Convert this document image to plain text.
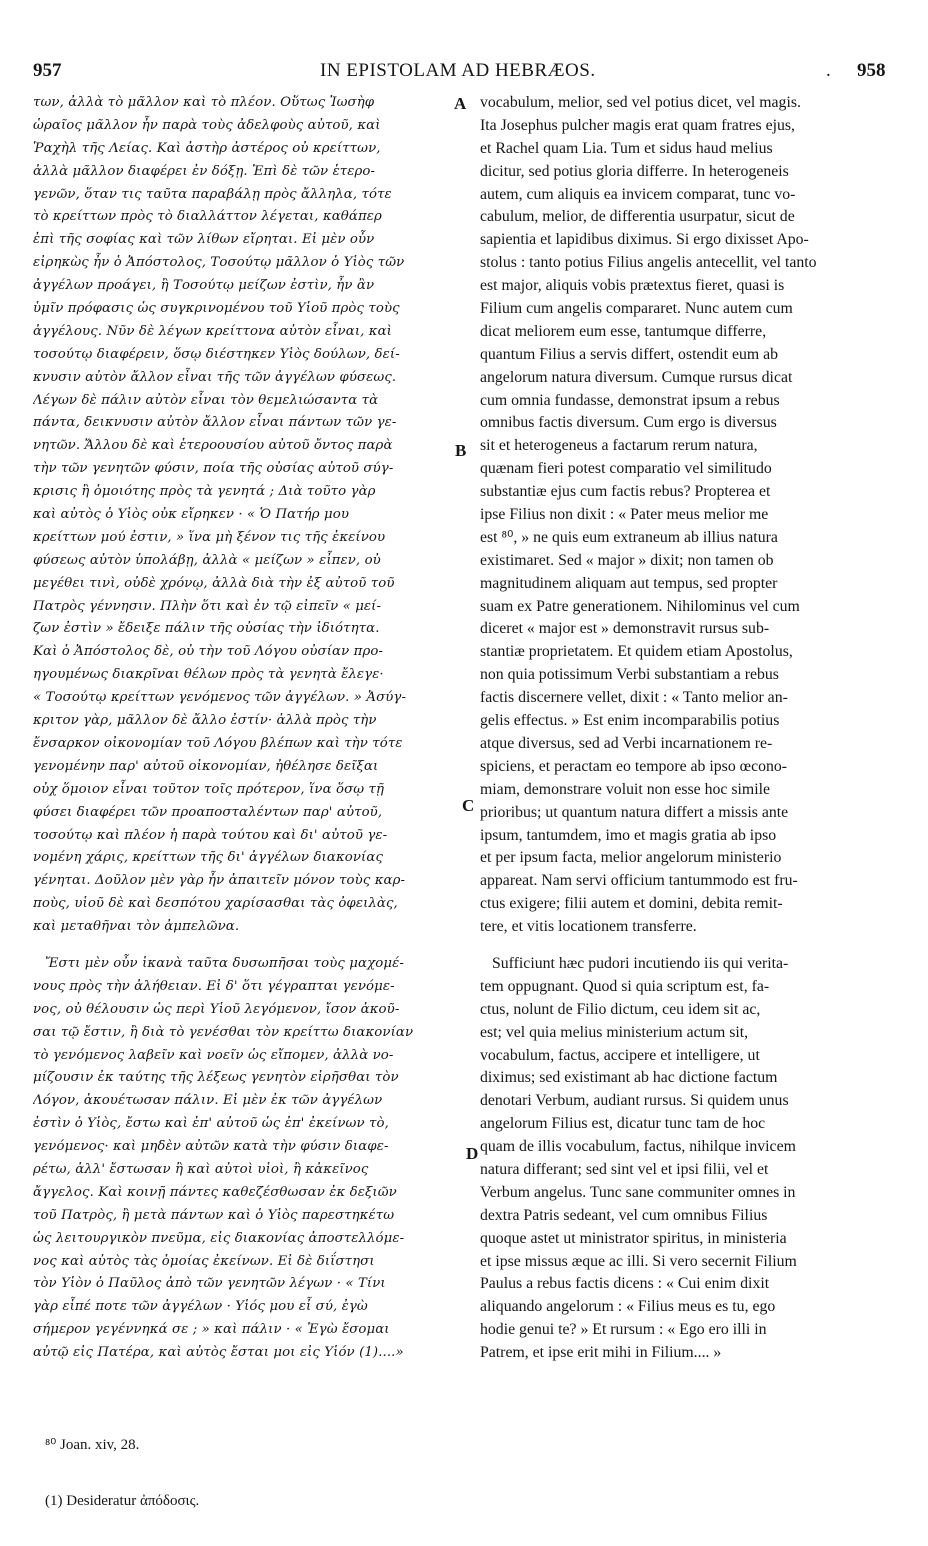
957	IN EPISTOLAM AD HEBRÆOS.	. 958
των, ἀλλὰ τὸ μᾶλλον καὶ τὸ πλέον. Οὕτως Ἰωσὴφ
ὡραῖος μᾶλλον ἦν παρὰ τοὺς ἀδελφοὺς αὐτοῦ, καὶ
Ῥαχὴλ τῆς Λείας. Καὶ ἀστὴρ ἀστέρος οὐ κρείττων,
ἀλλὰ μᾶλλον διαφέρει ἐν δόξῃ. Ἐπὶ δὲ τῶν ἑτερο-
γενῶν, ὅταν τις ταῦτα παραβάλῃ πρὸς ἄλληλα, τότε
τὸ κρείττων πρὸς τὸ διαλλάττον λέγεται, καθάπερ
ἐπὶ τῆς σοφίας καὶ τῶν λίθων εἴρηται. Εἰ μὲν οὖν
εἰρηκὼς ἦν ὁ Ἀπόστολος, Τοσούτῳ μᾶλλον ὁ Υἱὸς τῶν
ἀγγέλων προάγει, ἢ Τοσούτῳ μείζων ἐστὶν, ἦν ἂν
ὑμῖν πρόφασις ὡς συγκρινομένου τοῦ Υἱοῦ πρὸς τοὺς
ἀγγέλους. Νῦν δὲ λέγων κρείττονα αὐτὸν εἶναι, καὶ
τοσούτῳ διαφέρειν, ὅσῳ διέστηκεν Υἱὸς δούλων, δεί-
κνυσιν αὐτὸν ἄλλον εἶναι τῆς τῶν ἀγγέλων φύσεως.
Λέγων δὲ πάλιν αὐτὸν εἶναι τὸν θεμελιώσαντα τὰ
πάντα, δεικνυσιν αὐτὸν ἄλλον εἶναι πάντων τῶν γε-
νητῶν. Ἄλλου δὲ καὶ ἑτεροουσίου αὐτοῦ ὄντος παρὰ
τὴν τῶν γενητῶν φύσιν, ποία τῆς οὐσίας αὐτοῦ σύγ-
κρισις ἢ ὁμοιότης πρὸς τὰ γενητά ; Διὰ τοῦτο γὰρ
καὶ αὐτὸς ὁ Υἱὸς οὐκ εἴρηκεν · « Ὁ Πατήρ μου
κρείττων μού ἐστιν, » ἵνα μὴ ξένον τις τῆς ἐκείνου
φύσεως αὐτὸν ὑπολάβῃ, ἀλλὰ « μείζων » εἶπεν, οὐ
μεγέθει τινὶ, οὐδὲ χρόνῳ, ἀλλὰ διὰ τὴν ἐξ αὐτοῦ τοῦ
Πατρὸς γέννησιν. Πλὴν ὅτι καὶ ἐν τῷ εἰπεῖν « μεί-
ζων ἐστὶν » ἔδειξε πάλιν τῆς οὐσίας τὴν ἰδιότητα.
Καὶ ὁ Ἀπόστολος δὲ, οὐ τὴν τοῦ Λόγου οὐσίαν προ-
ηγουμένως διακρῖναι θέλων πρὸς τὰ γενητὰ ἔλεγε·
« Τοσούτῳ κρείττων γενόμενος τῶν ἀγγέλων. » Ἀσύγ-
κριτον γὰρ, μᾶλλον δὲ ἄλλο ἐστίν· ἀλλὰ πρὸς τὴν
ἔνσαρκον οἰκονομίαν τοῦ Λόγου βλέπων καὶ τὴν τότε
γενομένην παρ' αὐτοῦ οἰκονομίαν, ἠθέλησε δεῖξαι
οὐχ ὅμοιον εἶναι τοῦτον τοῖς πρότερον, ἵνα ὅσῳ τῇ
φύσει διαφέρει τῶν προαποσταλέντων παρ' αὐτοῦ,
τοσούτῳ καὶ πλέον ἡ παρὰ τούτου καὶ δι' αὐτοῦ γε-
νομένη χάρις, κρείττων τῆς δι' ἀγγέλων διακονίας
γένηται. Δοῦλον μὲν γὰρ ἦν ἀπαιτεῖν μόνον τοὺς καρ-
ποὺς, υἱοῦ δὲ καὶ δεσπότου χαρίσασθαι τὰς ὀφειλὰς,
καὶ μεταθῆναι τὸν ἀμπελῶνα.
Ἔστι μὲν οὖν ἱκανὰ ταῦτα δυσωπῆσαι τοὺς μαχομέ-
νους πρὸς τὴν ἀλήθειαν. Εἰ δ' ὅτι γέγραπται γενόμε-
νος, οὐ θέλουσιν ὡς περὶ Υἱοῦ λεγόμενον, ἴσον ἀκοῦ-
σαι τῷ ἔστιν, ἢ διὰ τὸ γενέσθαι τὸν κρείττω διακονίαν
τὸ γενόμενος λαβεῖν καὶ νοεῖν ὡς εἴπομεν, ἀλλὰ νο-
μίζουσιν ἐκ ταύτης τῆς λέξεως γενητὸν εἰρῆσθαι τὸν
Λόγον, ἀκουέτωσαν πάλιν. Εἰ μὲν ἐκ τῶν ἀγγέλων
ἐστὶν ὁ Υἱὸς, ἔστω καὶ ἐπ' αὐτοῦ ὡς ἐπ' ἐκείνων τὸ,
γενόμενος· καὶ μηδὲν αὐτῶν κατὰ τὴν φύσιν διαφε-
ρέτω, ἀλλ' ἔστωσαν ἢ καὶ αὐτοὶ υἱοὶ, ἢ κἀκεῖνος
ἄγγελος. Καὶ κοινῇ πάντες καθεζέσθωσαν ἐκ δεξιῶν
τοῦ Πατρὸς, ἢ μετὰ πάντων καὶ ὁ Υἱὸς παρεστηκέτω
ὡς λειτουργικὸν πνεῦμα, εἰς διακονίας ἀποστελλόμε-
νος καὶ αὐτὸς τὰς ὁμοίας ἐκείνων. Εἰ δὲ διΐστησι
τὸν Υἱὸν ὁ Παῦλος ἀπὸ τῶν γενητῶν λέγων · « Τίνι
γὰρ εἶπέ ποτε τῶν ἀγγέλων · Υἱός μου εἶ σύ, ἐγὼ
σήμερον γεγέννηκά σε ; » καὶ πάλιν · « Ἐγὼ ἔσομαι
αὐτῷ εἰς Πατέρα, καὶ αὐτὸς ἔσται μοι εἰς Υἱόν (1)....»
vocabulum, melior, sed vel potius dicet, vel magis.
Ita Josephus pulcher magis erat quam fratres ejus,
et Rachel quam Lia. Tum et sidus haud melius
dicitur, sed potius gloria differre. In heterogeneis
autem, cum aliquis ea invicem comparat, tunc vo-
cabulum, melior, de differentia usurpatur, sicut de
sapientia et lapidibus diximus. Si ergo dixisset Apo-
stolus : tanto potius Filius angelis antecellit, vel tanto
est major, aliquis vobis prætextus fieret, quasi is
Filium cum angelis compararet. Nunc autem cum
dicat meliorem eum esse, tantumque differre,
quantum Filius a servis differt, ostendit eum ab
angelorum natura diversum. Cumque rursus dicat
cum omnia fundasse, demonstrat ipsum a rebus
omnibus factis diversum. Cum ergo is diversus
sit et heterogeneus a factarum rerum natura,
quænam fieri potest comparatio vel similitudo
substantiæ ejus cum factis rebus? Propterea et
ipse Filius non dixit : « Pater meus melior me
est ⁸⁰, » ne quis eum extraneum ab illius natura
existimaret. Sed « major » dixit; non tamen ob
magnitudinem aliquam aut tempus, sed propter
suam ex Patre generationem. Nihilominus vel cum
diceret « major est » demonstravit rursus sub-
stantiæ proprietatem. Et quidem etiam Apostolus,
non quia potissimum Verbi substantiam a rebus
factis discernere vellet, dixit : « Tanto melior an-
gelis effectus. » Est enim incomparabilis potius
atque diversus, sed ad Verbi incarnationem re-
spiciens, et peractam eo tempore ab ipso œcono-
miam, demonstrare voluit non esse hoc simile
prioribus; ut quantum natura differt a missis ante
ipsum, tantumdem, imo et magis gratia ab ipso
et per ipsum facta, melior angelorum ministerio
appareat. Nam servi officium tantummodo est fru-
ctus exigere; filii autem et domini, debita remit-
tere, et vitis locationem transferre.
Sufficiunt hæc pudori incutiendo iis qui verita-
tem oppugnant. Quod si quia scriptum est, fa-
ctus, nolunt de Filio dictum, ceu idem sit ac,
est; vel quia melius ministerium actum sit,
vocabulum, factus, accipere et intelligere, ut
diximus; sed existimant ab hac dictione factum
denotari Verbum, audiant rursus. Si quidem unus
angelorum Filius est, dicatur tunc tam de hoc
quam de illis vocabulum, factus, nihilque invicem
natura differant; sed sint vel et ipsi filii, vel et
Verbum angelus. Tunc sane communiter omnes in
dextra Patris sedeant, vel cum omnibus Filius
quoque astet ut ministrator spiritus, in ministeria
et ipse missus æque ac illi. Si vero secernit Filium
Paulus a rebus factis dicens : « Cui enim dixit
aliquando angelorum : « Filius meus es tu, ego
hodie genui te? » Et rursum : « Ego ero illi in
Patrem, et ipse erit mihi in Filium.... »
A
B
C
D
⁸⁰ Joan. xiv, 28.
(1) Desideratur ἀπόδοσις.
